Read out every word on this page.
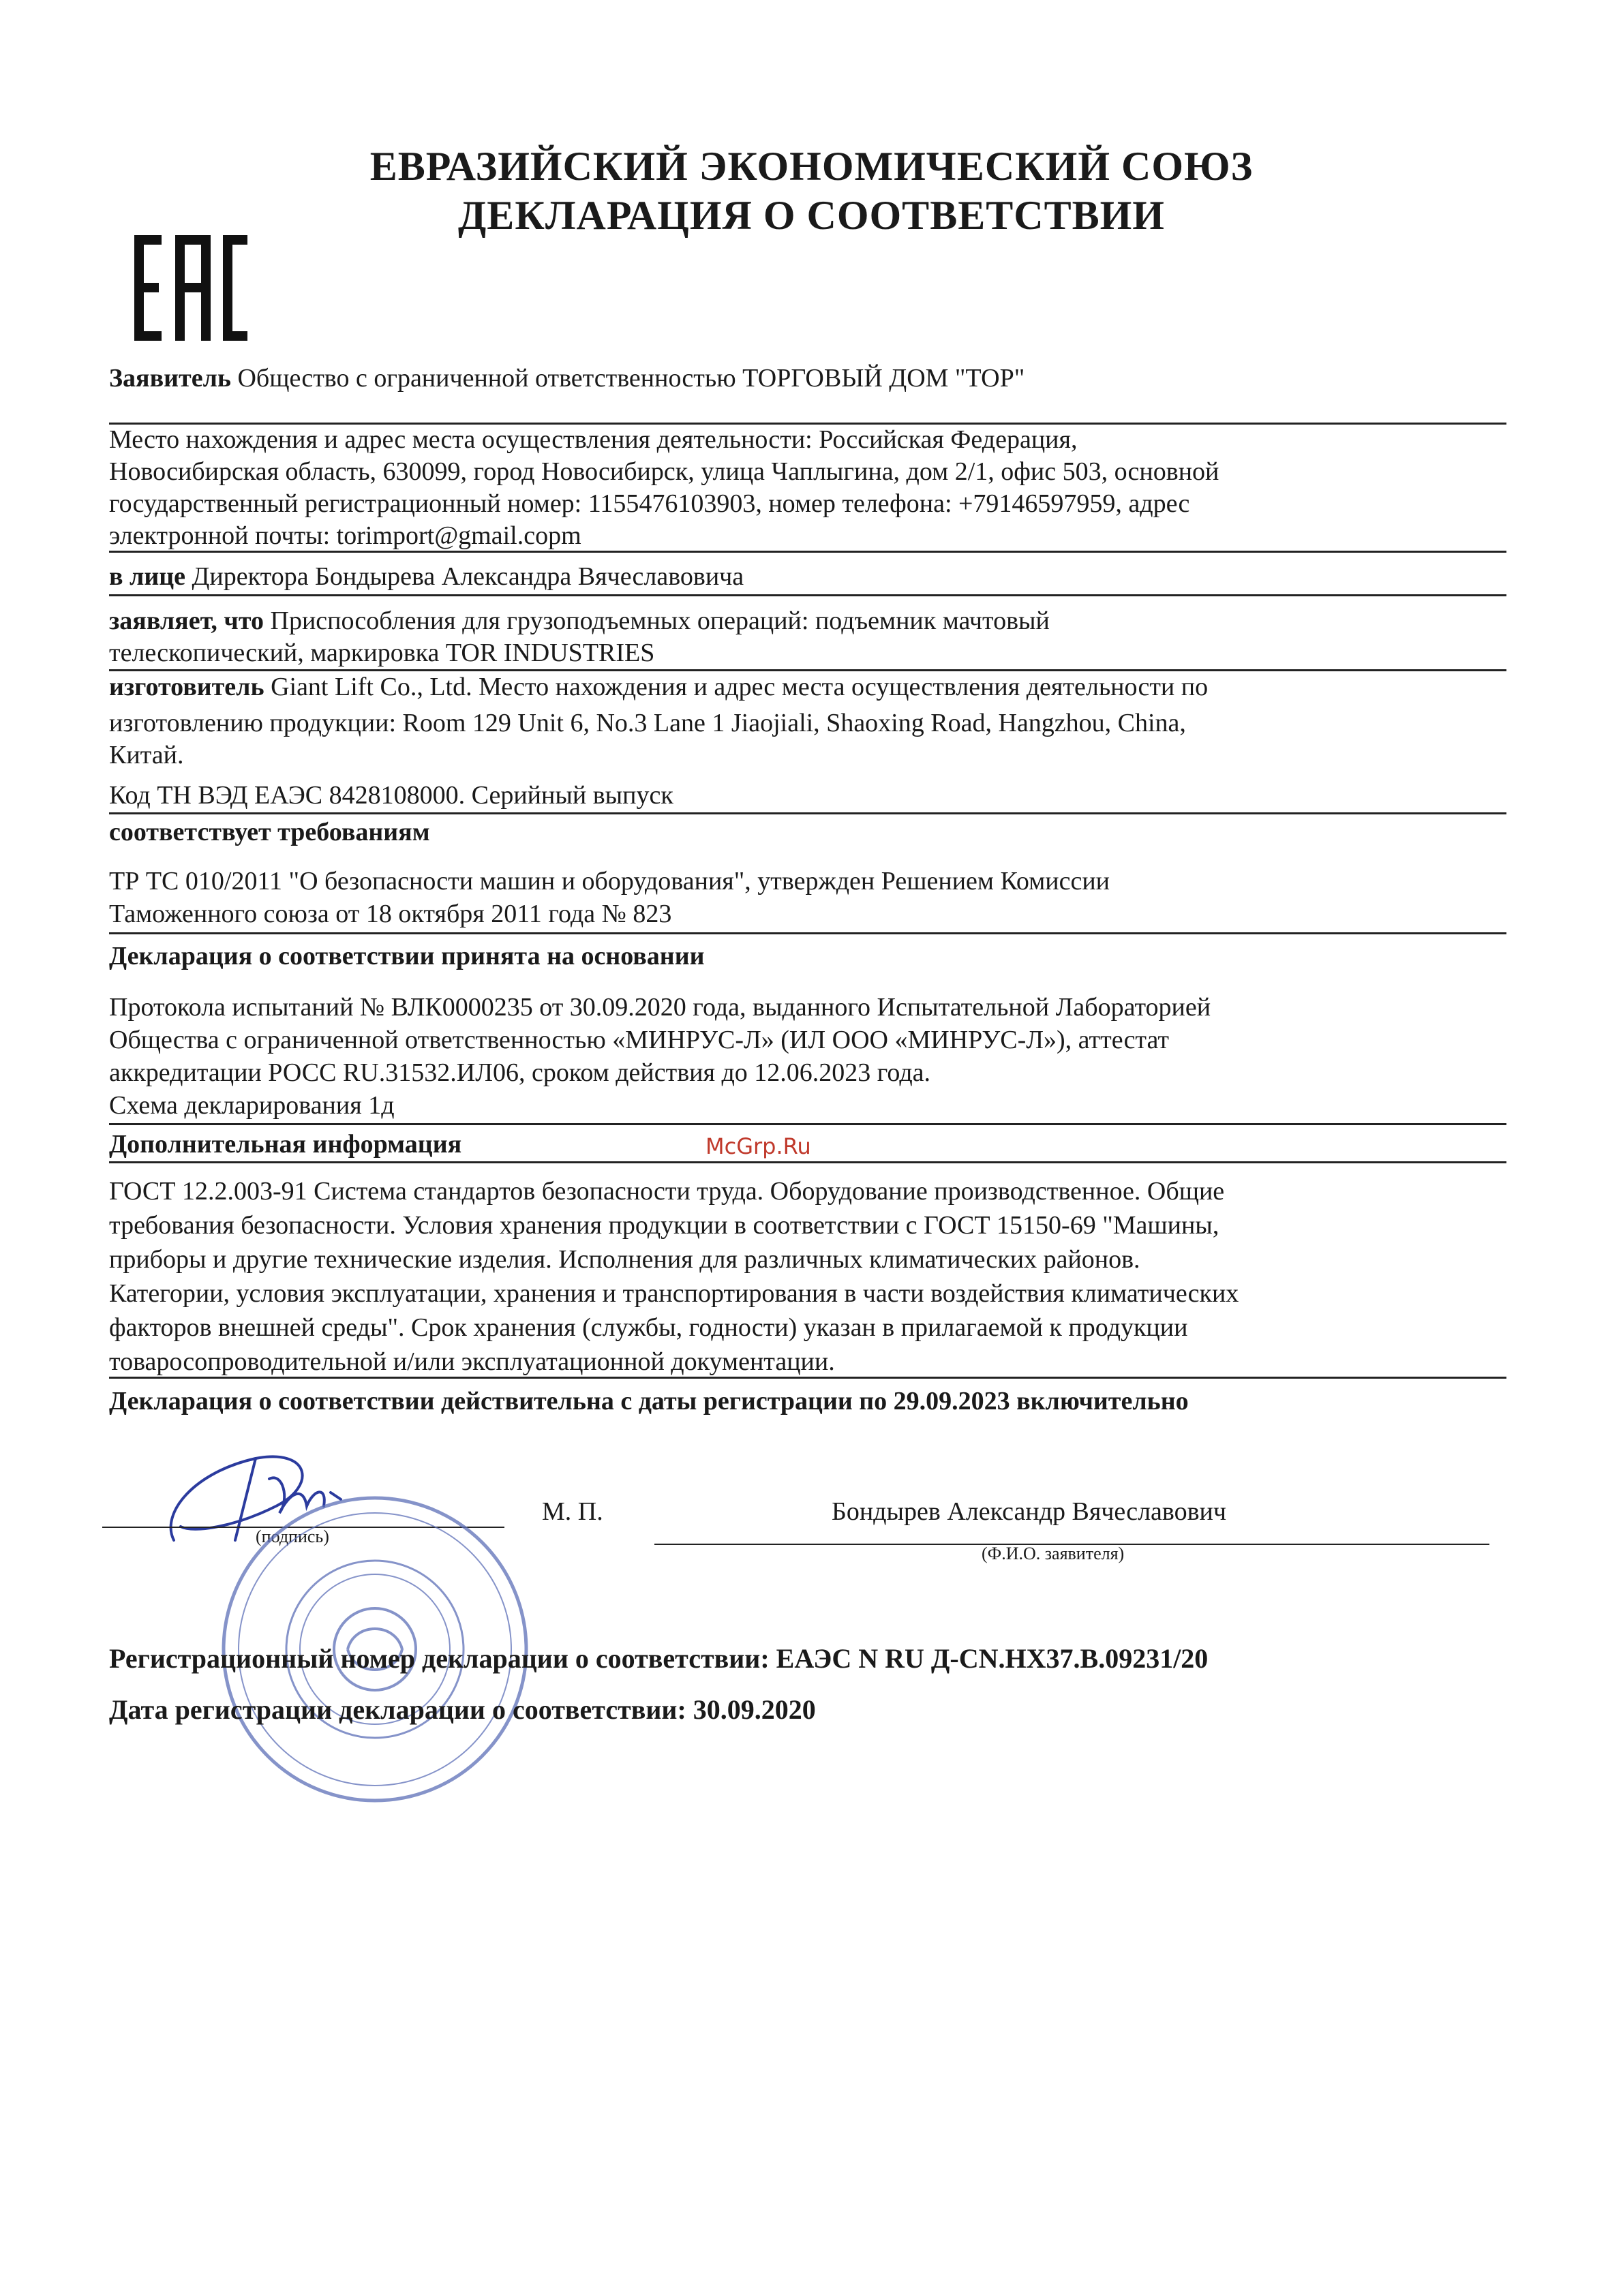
ЕВРАЗИЙСКИЙ ЭКОНОМИЧЕСКИЙ СОЮЗ
ДЕКЛАРАЦИЯ О СООТВЕТСТВИИ
EAC
Заявитель Общество с ограниченной ответственностью ТОРГОВЫЙ ДОМ "ТОР"
Место нахождения и адрес места осуществления деятельности: Российская Федерация,
Новосибирская область, 630099, город Новосибирск, улица Чаплыгина, дом 2/1, офис 503, основной
государственный регистрационный номер: 1155476103903, номер телефона: +79146597959, адрес
электронной почты: torimport@gmail.copm
в лице Директора Бондырева Александра Вячеславовича
заявляет, что Приспособления для грузоподъемных операций: подъемник мачтовый
телескопический, маркировка TOR INDUSTRIES
изготовитель Giant Lift Co., Ltd. Место нахождения и адрес места осуществления деятельности по
изготовлению продукции: Room 129 Unit 6, No.3 Lane 1 Jiaojiali, Shaoxing Road, Hangzhou, China,
Китай.
Код ТН ВЭД ЕАЭС 8428108000. Серийный выпуск
соответствует требованиям
ТР ТС 010/2011 "О безопасности машин и оборудования", утвержден Решением Комиссии
Таможенного союза от 18 октября 2011 года № 823
Декларация о соответствии принята на основании
Протокола испытаний № ВЛК0000235 от 30.09.2020 года, выданного Испытательной Лабораторией
Общества с ограниченной ответственностью «МИНРУС-Л» (ИЛ ООО «МИНРУС-Л»), аттестат
аккредитации РОСС RU.31532.ИЛ06, сроком действия до 12.06.2023 года.
Схема декларирования 1д
Дополнительная информация	McGrp.Ru
ГОСТ 12.2.003-91 Система стандартов безопасности труда. Оборудование производственное. Общие
требования безопасности. Условия хранения продукции в соответствии с ГОСТ 15150-69 "Машины,
приборы и другие технические изделия. Исполнения для различных климатических районов.
Категории, условия эксплуатации, хранения и транспортирования в части воздействия климатических
факторов внешней среды". Срок хранения (службы, годности) указан в прилагаемой к продукции
товаросопроводительной и/или эксплуатационной документации.
Декларация о соответствии действительна с даты регистрации по 29.09.2023 включительно
(подпись)
М. П.	Бондырев Александр Вячеславович
(Ф.И.О. заявителя)
Регистрационный номер декларации о соответствии: ЕАЭС N RU Д-CN.НХ37.В.09231/20
Дата регистрации декларации о соответствии: 30.09.2020
